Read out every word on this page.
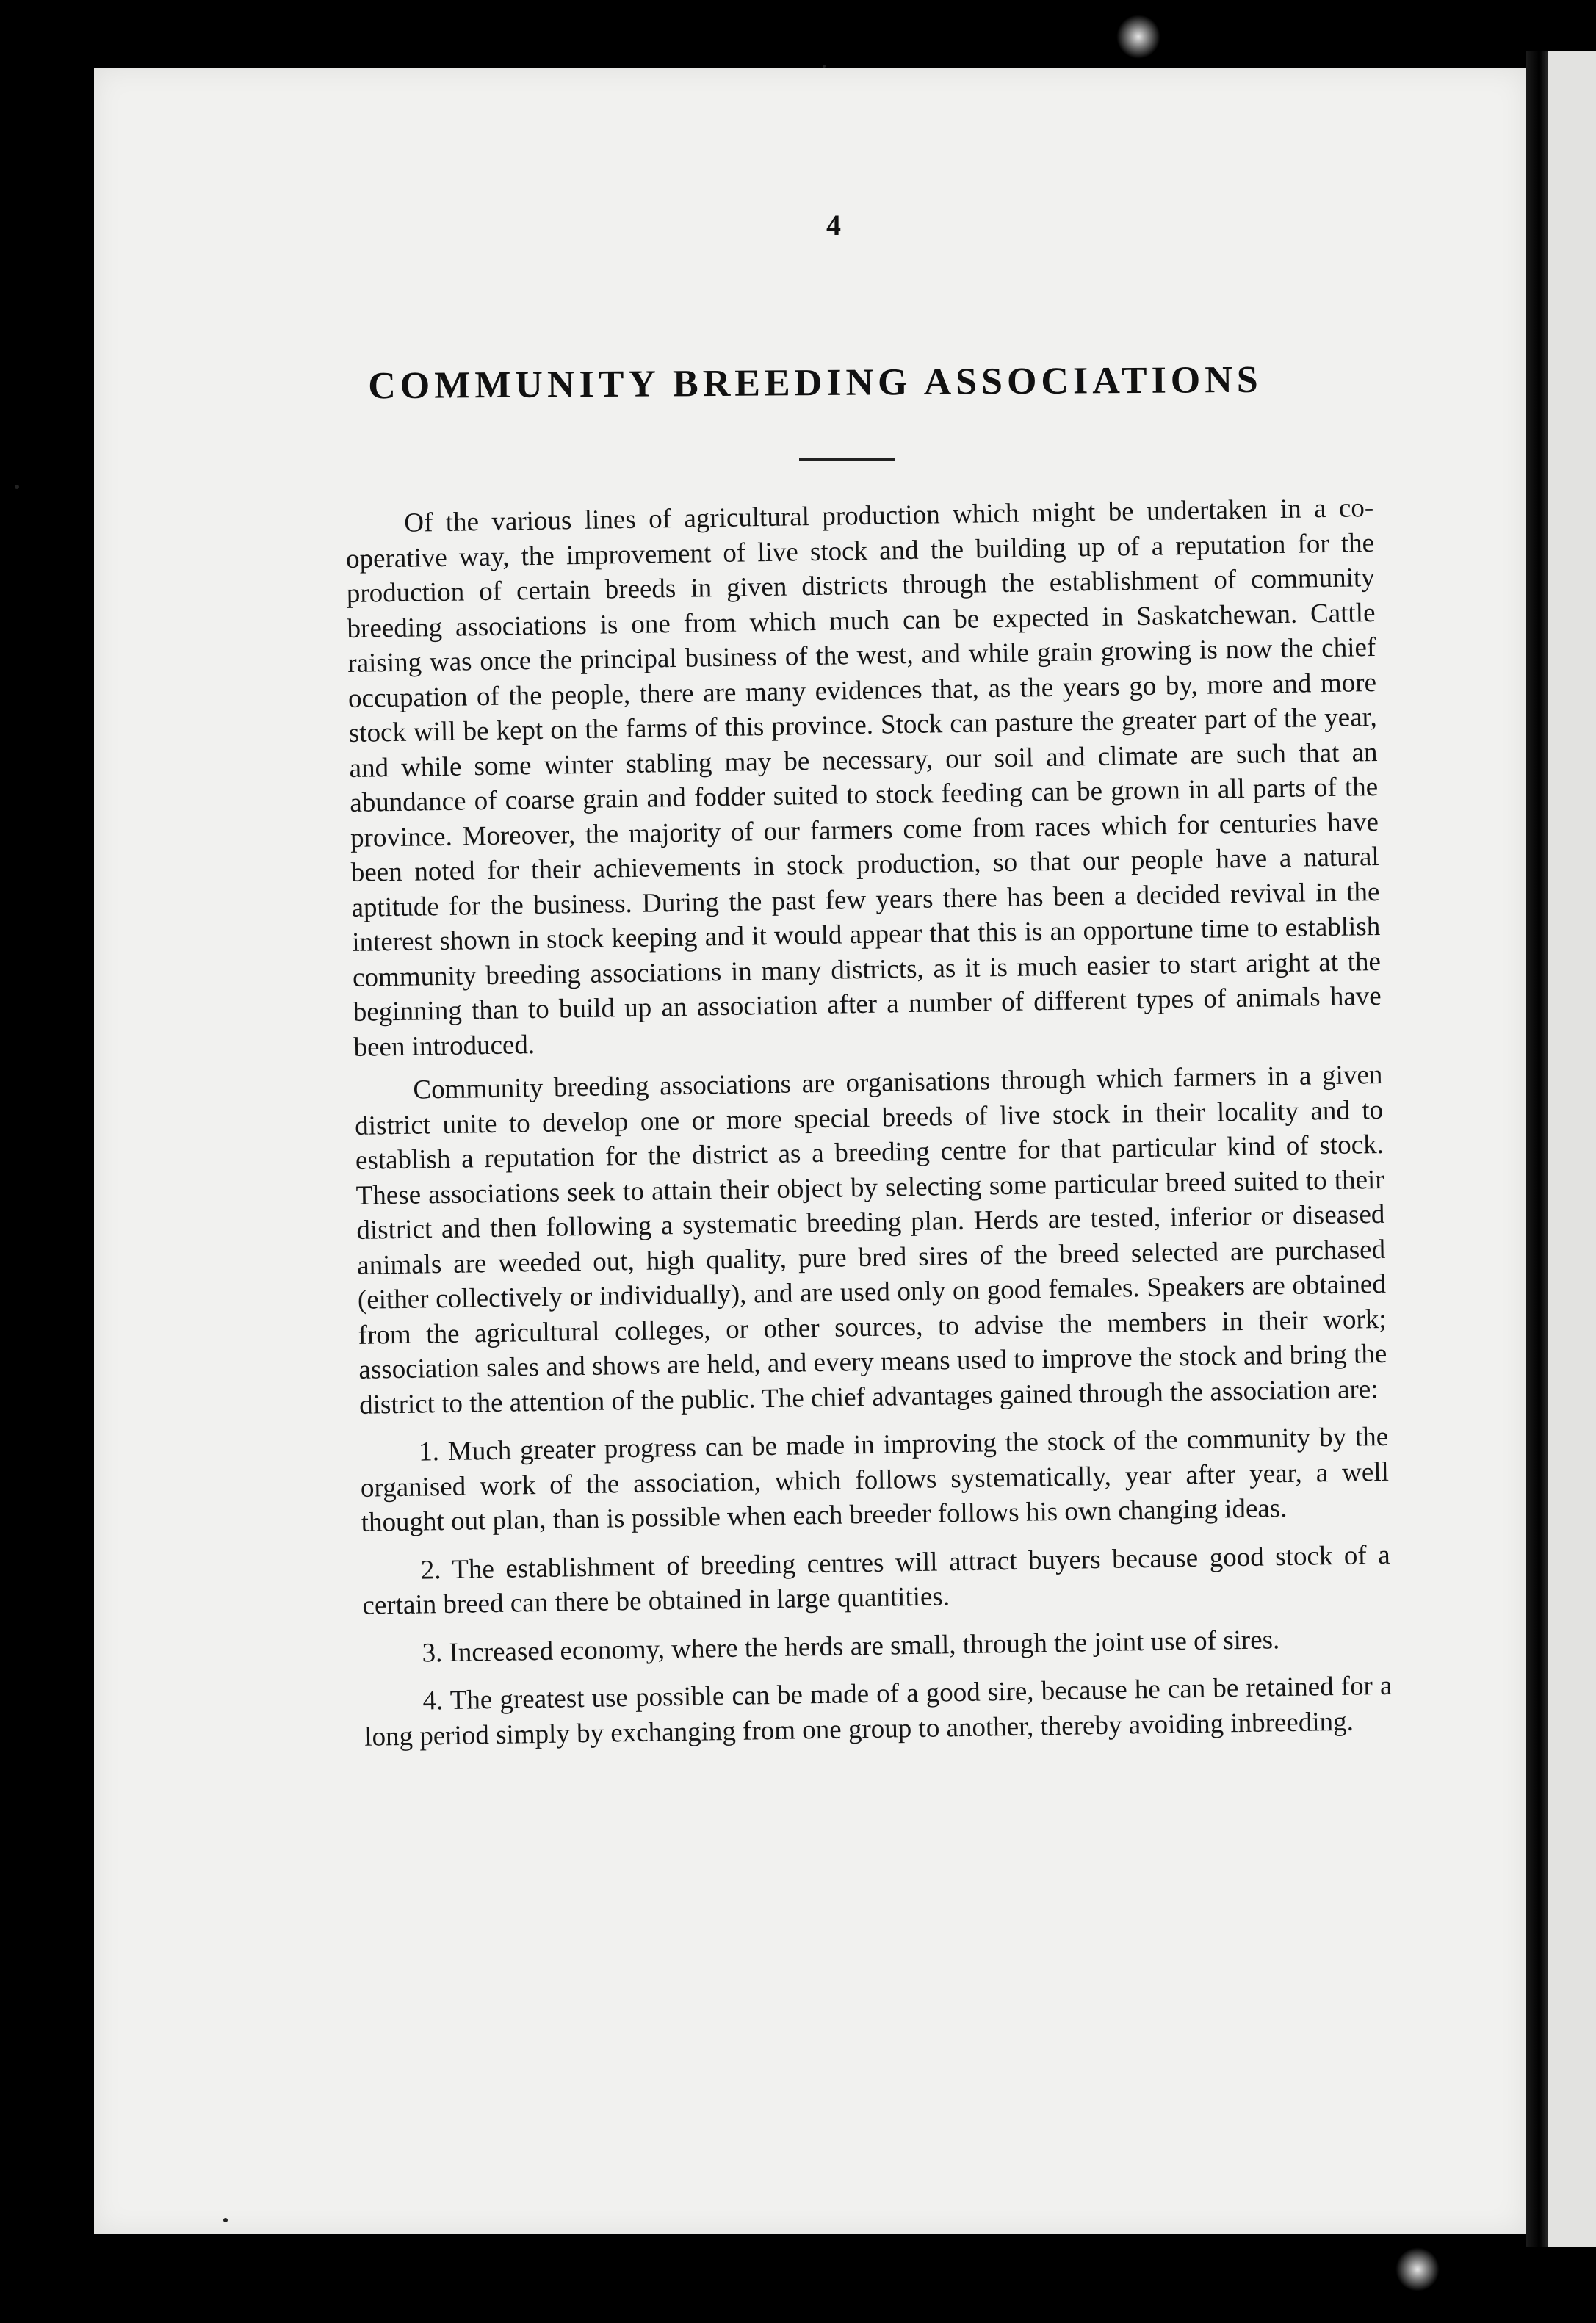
4
COMMUNITY BREEDING ASSOCIATIONS

Of the various lines of agricultural production which might be undertaken in a co-operative way, the improvement of live stock and the building up of a reputation for the production of certain breeds in given districts through the establishment of community breeding associations is one from which much can be expected in Saskatchewan. Cattle raising was once the principal business of the west, and while grain growing is now the chief occupation of the people, there are many evidences that, as the years go by, more and more stock will be kept on the farms of this province. Stock can pasture the greater part of the year, and while some winter stabling may be necessary, our soil and climate are such that an abundance of coarse grain and fodder suited to stock feeding can be grown in all parts of the province. Moreover, the majority of our farmers come from races which for centuries have been noted for their achievements in stock production, so that our people have a natural aptitude for the business. During the past few years there has been a decided revival in the interest shown in stock keeping and it would appear that this is an opportune time to establish community breeding associations in many districts, as it is much easier to start aright at the beginning than to build up an association after a number of different types of animals have been introduced.

Community breeding associations are organisations through which farmers in a given district unite to develop one or more special breeds of live stock in their locality and to establish a reputation for the district as a breeding centre for that particular kind of stock. These associations seek to attain their object by selecting some particular breed suited to their district and then following a systematic breeding plan. Herds are tested, inferior or diseased animals are weeded out, high quality, pure bred sires of the breed selected are purchased (either collectively or individually), and are used only on good females. Speakers are obtained from the agricultural colleges, or other sources, to advise the members in their work; association sales and shows are held, and every means used to improve the stock and bring the district to the attention of the public. The chief advantages gained through the association are:

1. Much greater progress can be made in improving the stock of the community by the organised work of the association, which follows systematically, year after year, a well thought out plan, than is possible when each breeder follows his own changing ideas.

2. The establishment of breeding centres will attract buyers because good stock of a certain breed can there be obtained in large quantities.

3. Increased economy, where the herds are small, through the joint use of sires.

4. The greatest use possible can be made of a good sire, because he can be retained for a long period simply by exchanging from one group to another, thereby avoiding inbreeding.
